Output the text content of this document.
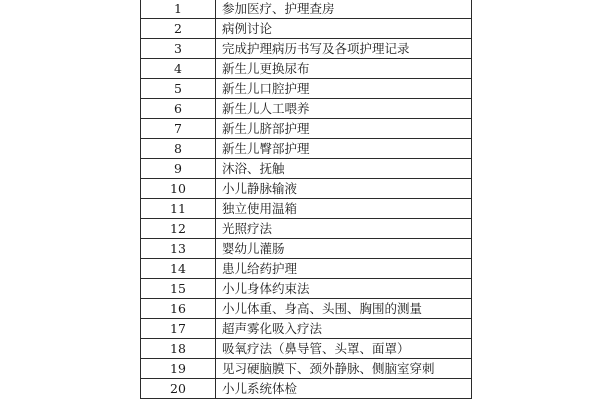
1	参加医疗、护理查房
2	病例讨论
3	完成护理病历书写及各项护理记录
4	新生儿更换尿布
5	新生儿口腔护理
6	新生儿人工喂养
7	新生儿脐部护理
8	新生儿臀部护理
9	沐浴、抚触
10	小儿静脉输液
11	独立使用温箱
12	光照疗法
13	婴幼儿灌肠
14	患儿给药护理
15	小儿身体约束法
16	小儿体重、身高、头围、胸围的测量
17	超声雾化吸入疗法
18	吸氧疗法（鼻导管、头罩、面罩）
19	见习硬脑膜下、颈外静脉、侧脑室穿刺
20	小儿系统体检
